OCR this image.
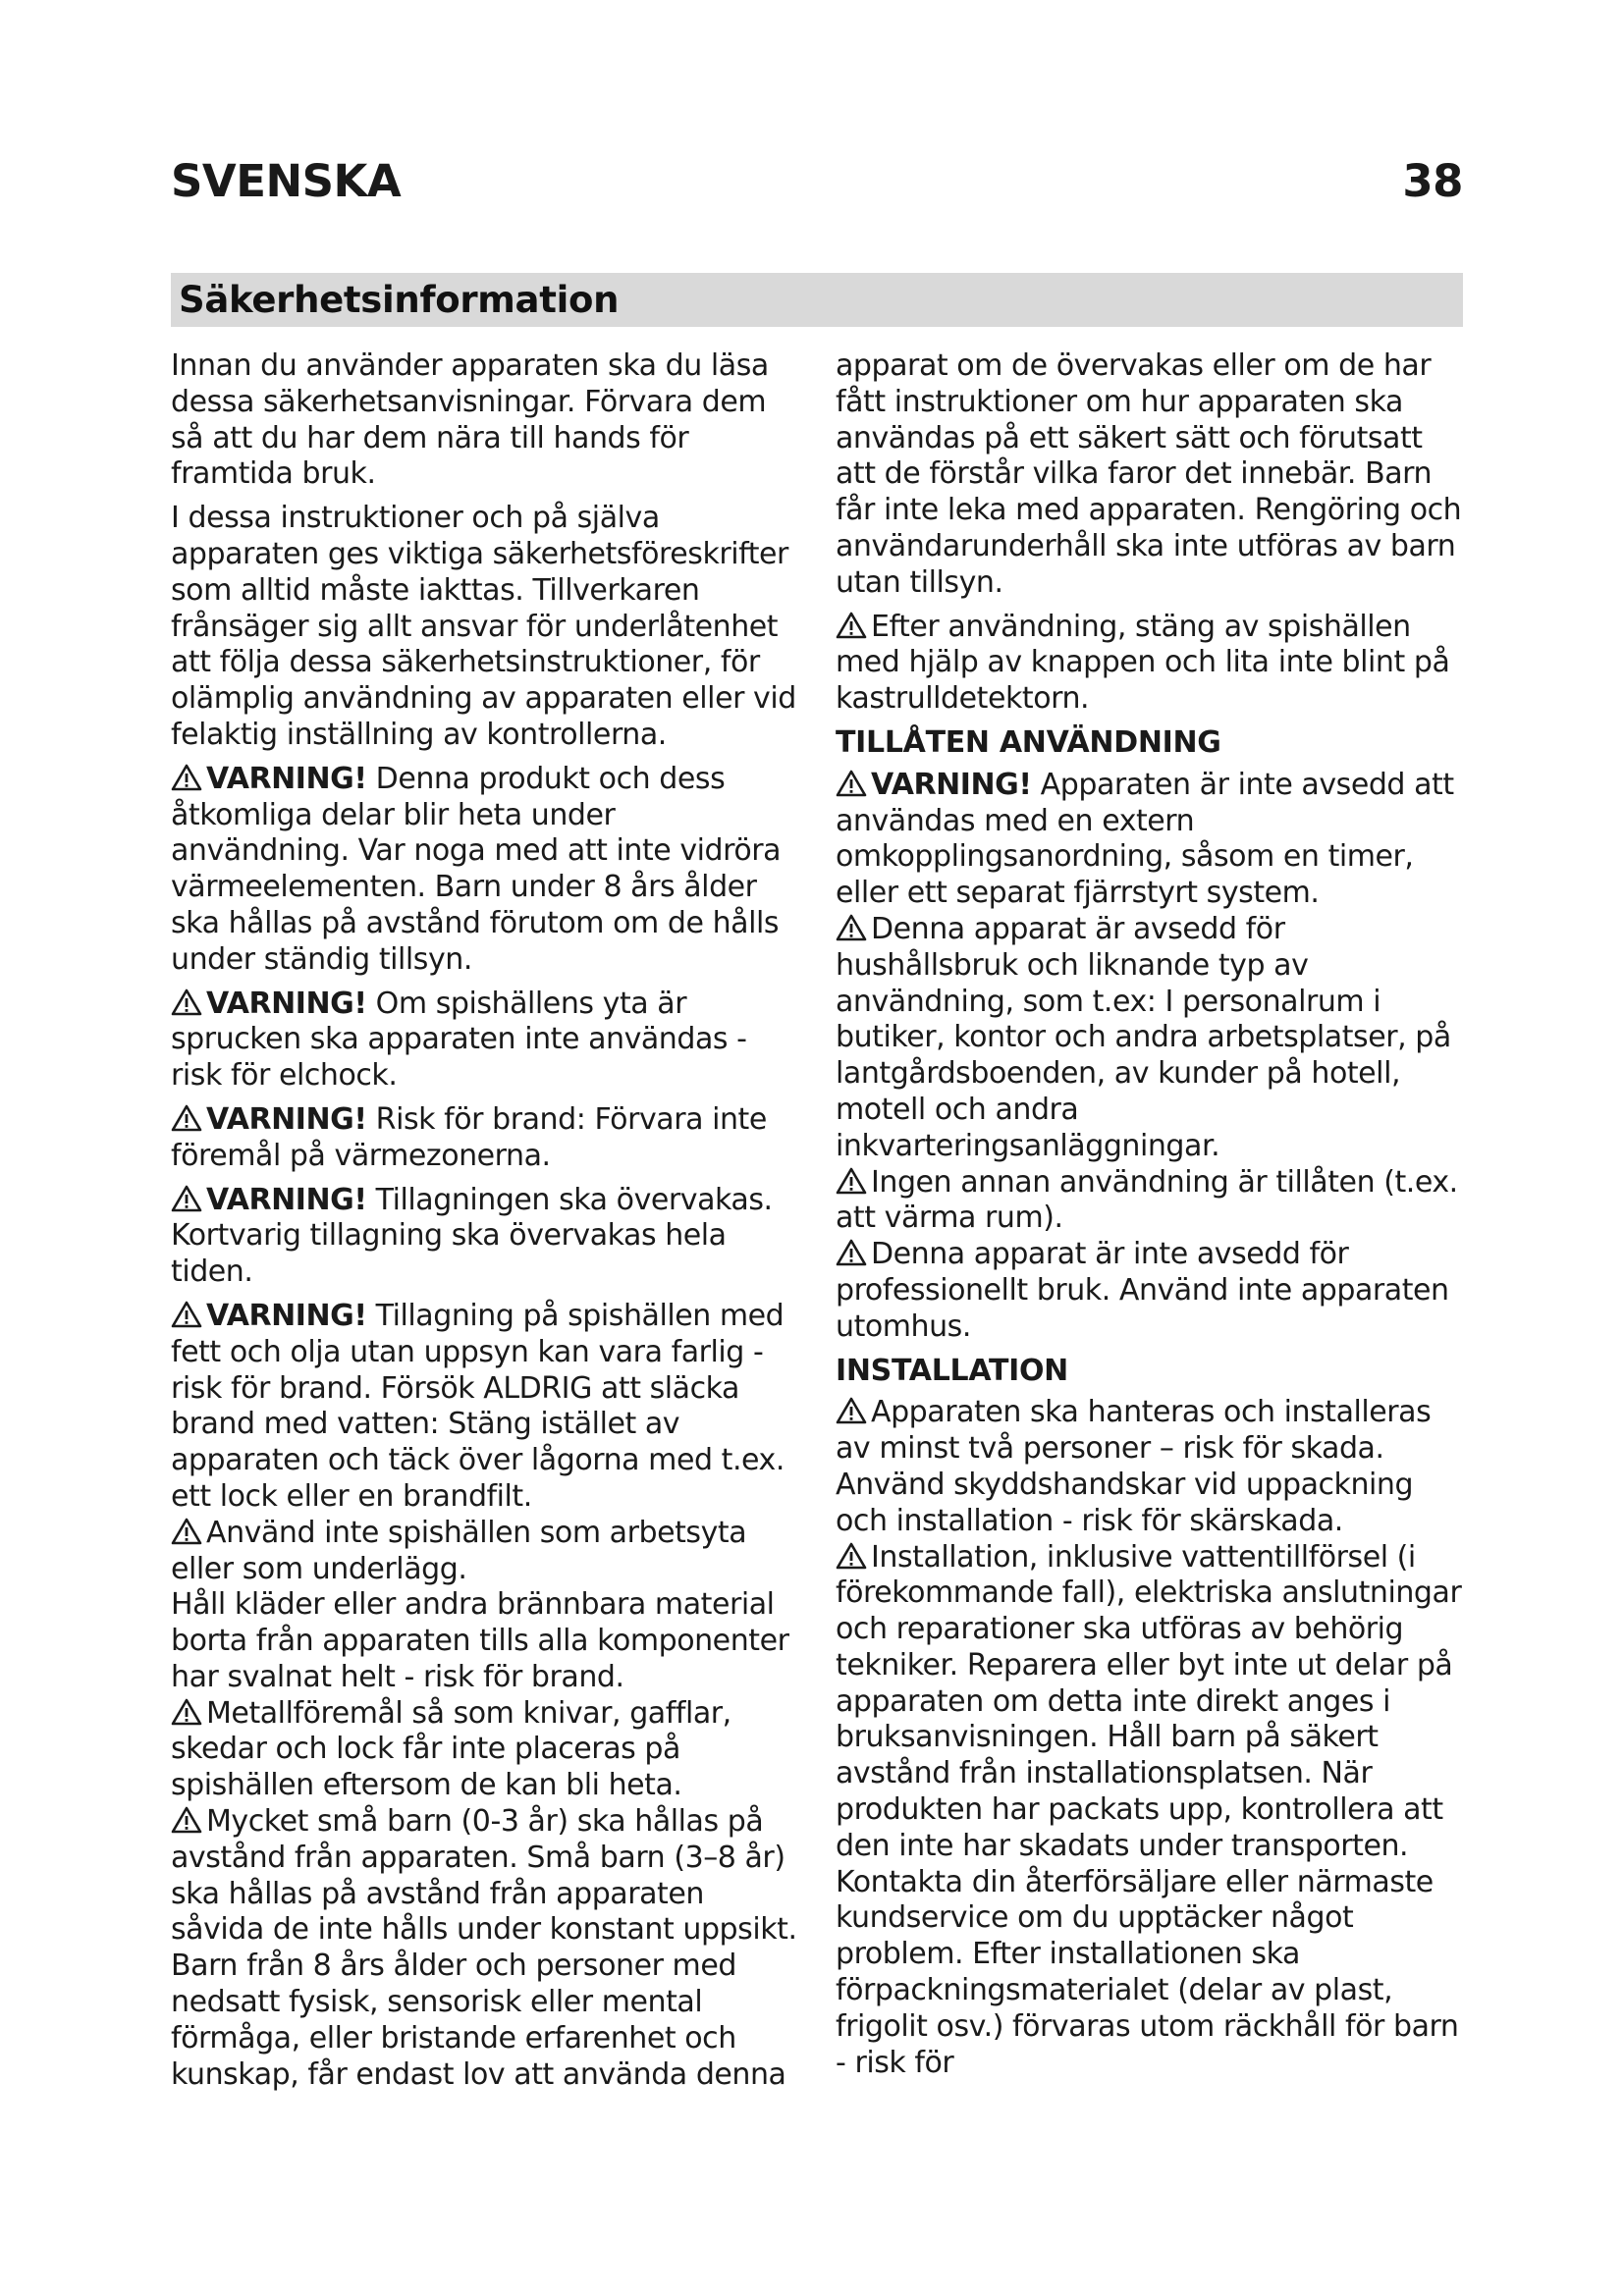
SVENSKA	38
Säkerhetsinformation

Innan du använder apparaten ska du läsa dessa säkerhetsanvisningar. Förvara dem så att du har dem nära till hands för framtida bruk.

I dessa instruktioner och på själva apparaten ges viktiga säkerhetsföreskrifter som alltid måste iakttas. Tillverkaren frånsäger sig allt ansvar för underlåtenhet att följa dessa säkerhetsinstruktioner, för olämplig användning av apparaten eller vid felaktig inställning av kontrollerna.

VARNING! Denna produkt och dess åtkomliga delar blir heta under användning. Var noga med att inte vidröra värmeelementen. Barn under 8 års ålder ska hållas på avstånd förutom om de hålls under ständig tillsyn.

VARNING! Om spishällens yta är sprucken ska apparaten inte användas - risk för elchock.

VARNING! Risk för brand: Förvara inte föremål på värmezonerna.

VARNING! Tillagningen ska övervakas. Kortvarig tillagning ska övervakas hela tiden.

VARNING! Tillagning på spishällen med fett och olja utan uppsyn kan vara farlig - risk för brand. Försök ALDRIG att släcka brand med vatten: Stäng istället av apparaten och täck över lågorna med t.ex. ett lock eller en brandfilt.

Använd inte spishällen som arbetsyta eller som underlägg.

Håll kläder eller andra brännbara material borta från apparaten tills alla komponenter har svalnat helt - risk för brand.

Metallföremål så som knivar, gafflar, skedar och lock får inte placeras på spishällen eftersom de kan bli heta.

Mycket små barn (0-3 år) ska hållas på avstånd från apparaten. Små barn (3–8 år) ska hållas på avstånd från apparaten såvida de inte hålls under konstant uppsikt. Barn från 8 års ålder och personer med nedsatt fysisk, sensorisk eller mental förmåga, eller bristande erfarenhet och kunskap, får endast lov att använda denna

apparat om de övervakas eller om de har fått instruktioner om hur apparaten ska användas på ett säkert sätt och förutsatt att de förstår vilka faror det innebär. Barn får inte leka med apparaten. Rengöring och användarunderhåll ska inte utföras av barn utan tillsyn.

Efter användning, stäng av spishällen med hjälp av knappen och lita inte blint på kastrulldetektorn.

TILLÅTEN ANVÄNDNING

VARNING! Apparaten är inte avsedd att användas med en extern omkopplingsanordning, såsom en timer, eller ett separat fjärrstyrt system.

Denna apparat är avsedd för hushållsbruk och liknande typ av användning, som t.ex: I personalrum i butiker, kontor och andra arbetsplatser, på lantgårdsboenden, av kunder på hotell, motell och andra inkvarteringsanläggningar.

Ingen annan användning är tillåten (t.ex. att värma rum).

Denna apparat är inte avsedd för professionellt bruk. Använd inte apparaten utomhus.

INSTALLATION

Apparaten ska hanteras och installeras av minst två personer – risk för skada. Använd skyddshandskar vid uppackning och installation - risk för skärskada.

Installation, inklusive vattentillförsel (i förekommande fall), elektriska anslutningar och reparationer ska utföras av behörig tekniker. Reparera eller byt inte ut delar på apparaten om detta inte direkt anges i bruksanvisningen. Håll barn på säkert avstånd från installationsplatsen. När produkten har packats upp, kontrollera att den inte har skadats under transporten. Kontakta din återförsäljare eller närmaste kundservice om du upptäcker något problem. Efter installationen ska förpackningsmaterialet (delar av plast, frigolit osv.) förvaras utom räckhåll för barn - risk för
